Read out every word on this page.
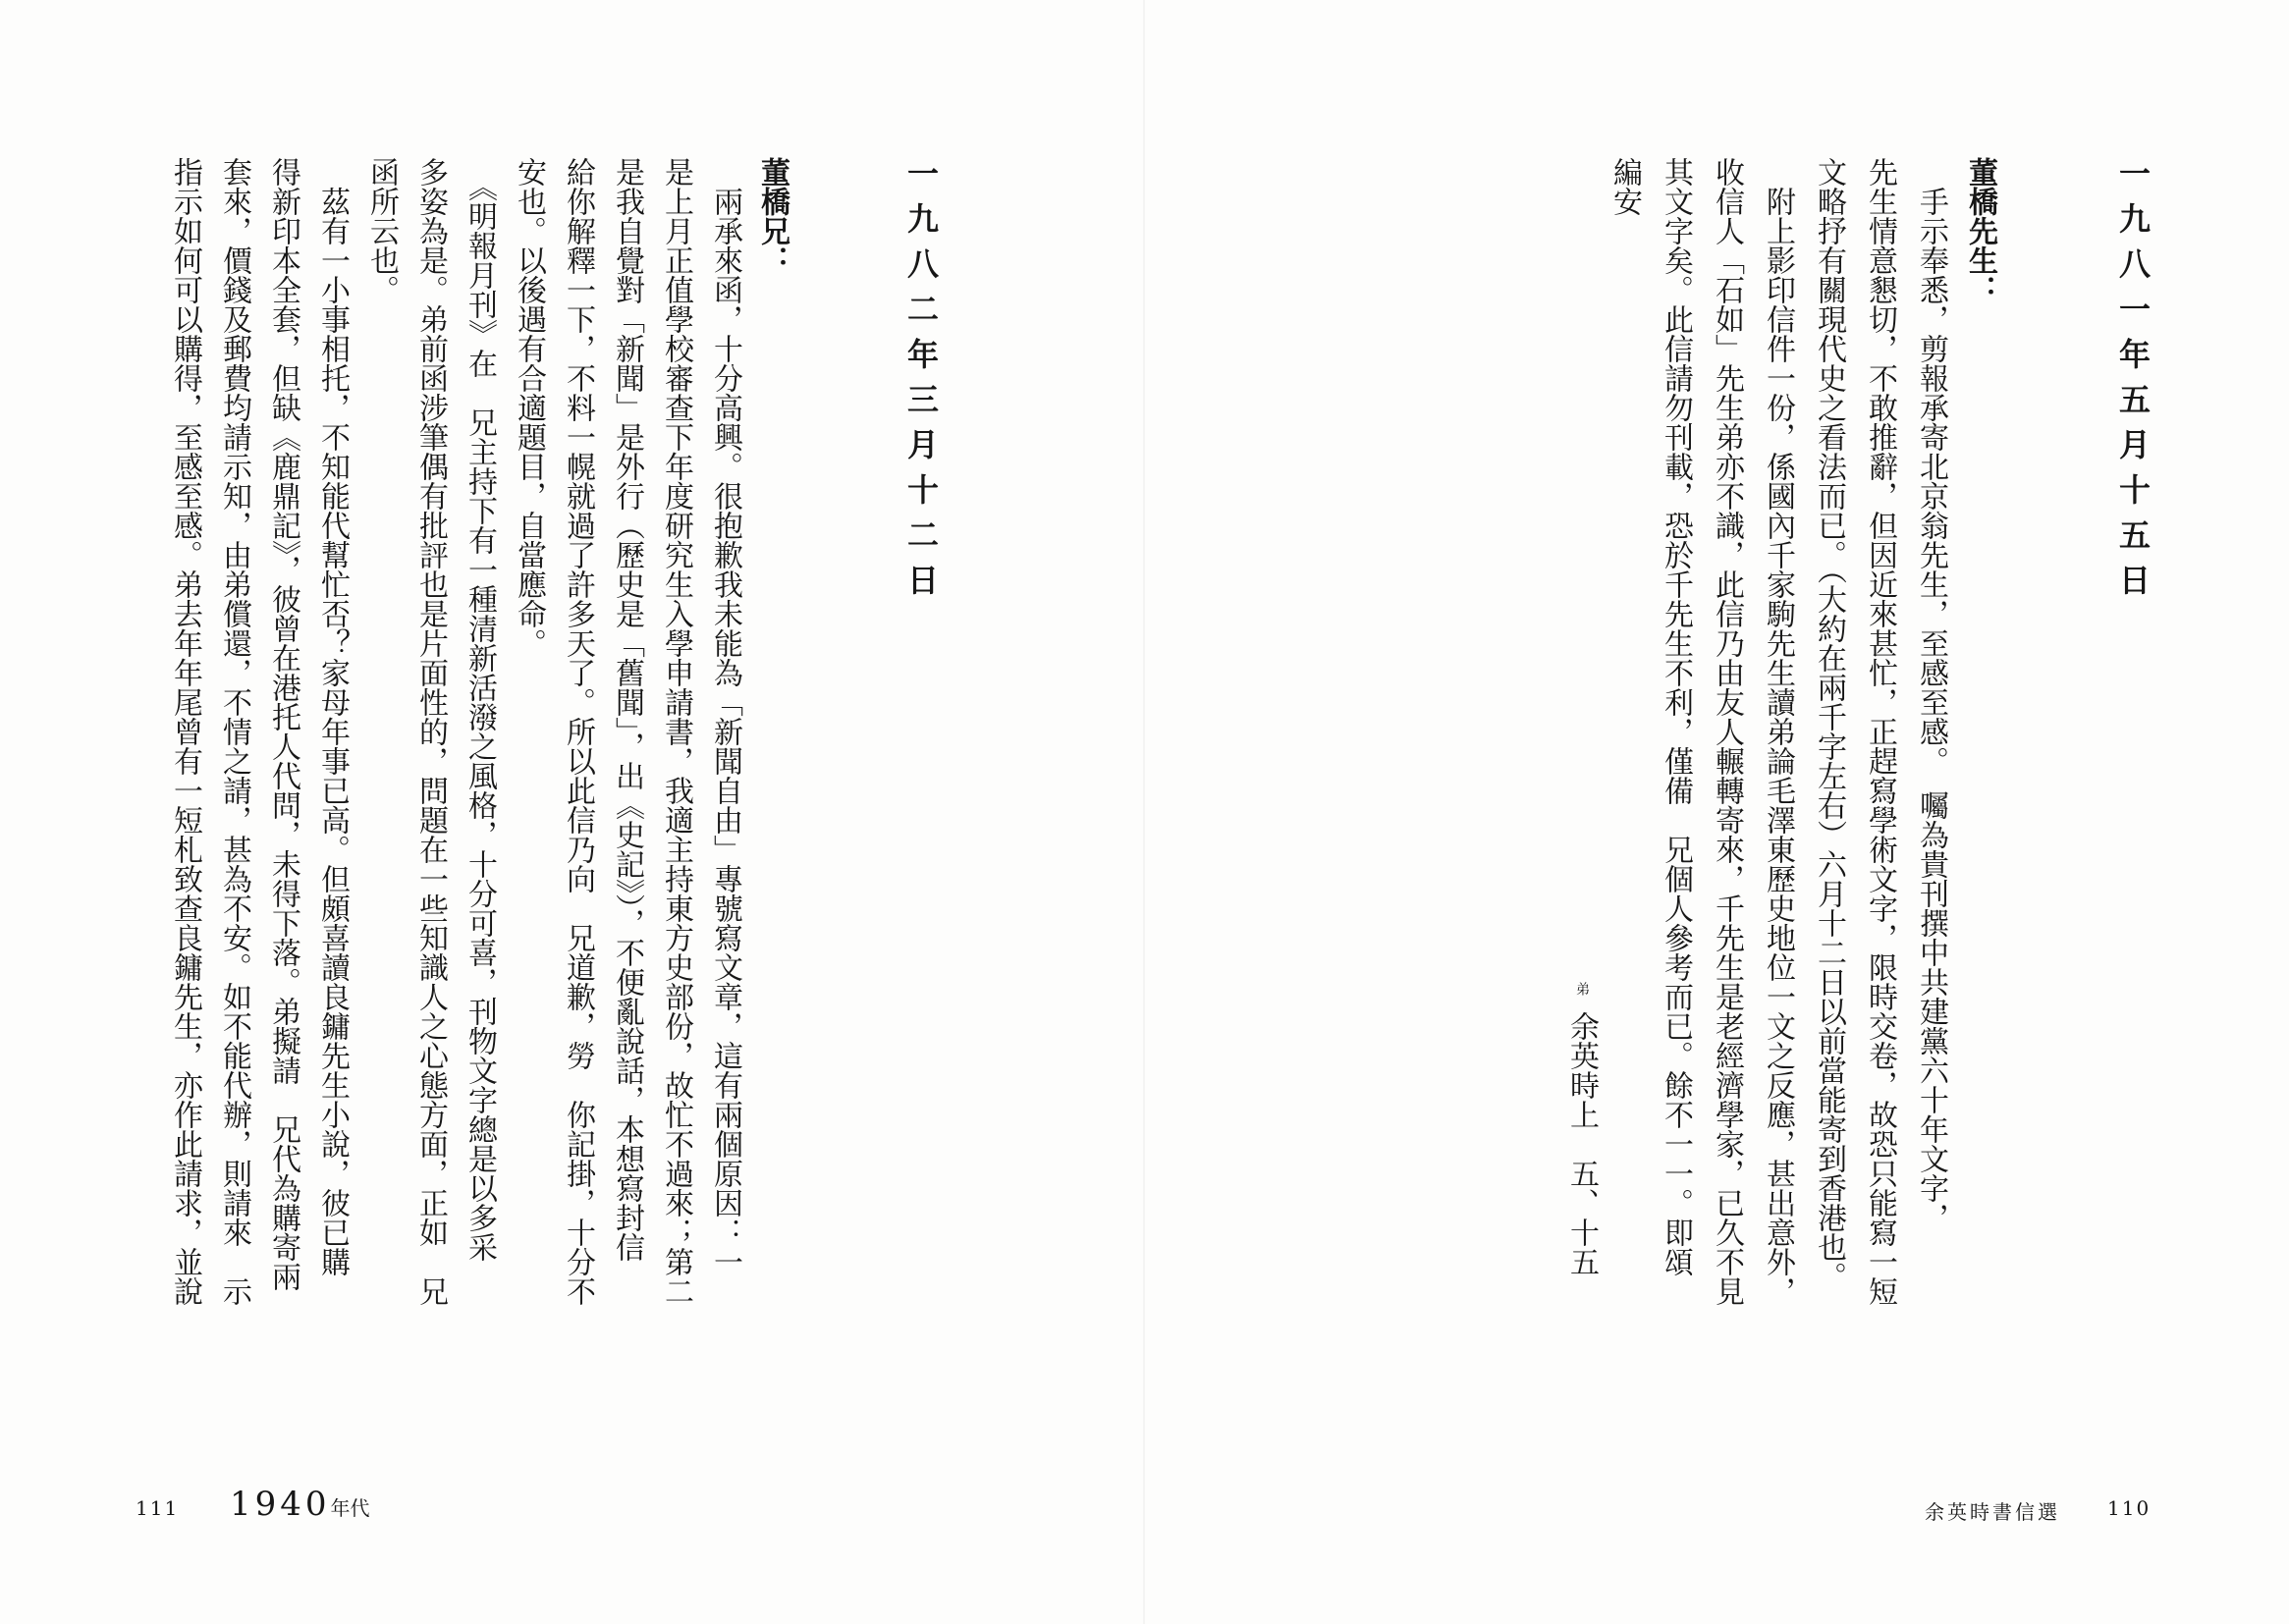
一九八一年五月十五日
董橋先生：
　手示奉悉，剪報承寄北京翁先生，至感至感。　囑為貴刊撰中共建黨六十年文字，
先生情意懇切，不敢推辭，但因近來甚忙，正趕寫學術文字，限時交卷，故恐只能寫一短
文略抒有關現代史之看法而已。（大約在兩千字左右）六月十二日以前當能寄到香港也。
　附上影印信件一份，係國內千家駒先生讀弟論毛澤東歷史地位一文之反應，甚出意外，
收信人「石如」先生弟亦不識，此信乃由友人輾轉寄來，千先生是老經濟學家，已久不見
其文字矣。此信請勿刊載，恐於千先生不利，僅備　兄個人參考而已。餘不一一。即頌
編安
弟
余英時上　五、十五
余英時書信選 110
一九八二年三月十二日
董橋兄：
　兩承來函，十分高興。很抱歉我未能為「新聞自由」專號寫文章，這有兩個原因：一
是上月正值學校審查下年度研究生入學申請書，我適主持東方史部份，故忙不過來；第二
是我自覺對「新聞」是外行（歷史是「舊聞」，出《史記》），不便亂說話，本想寫封信
給你解釋一下，不料一幌就過了許多天了。所以此信乃向　兄道歉，勞　你記掛，十分不
安也。以後遇有合適題目，自當應命。
　《明報月刊》在　兄主持下有一種清新活潑之風格，十分可喜，刊物文字總是以多采
多姿為是。弟前函涉筆偶有批評也是片面性的，問題在一些知識人之心態方面，正如　兄
函所云也。
　茲有一小事相托，不知能代幫忙否？家母年事已高。但頗喜讀良鏞先生小說，彼已購
得新印本全套，但缺《鹿鼎記》，彼曾在港托人代問，未得下落。弟擬請　兄代為購寄兩
套來，價錢及郵費均請示知，由弟償還，不情之請，甚為不安。如不能代辦，則請來　示
指示如何可以購得，至感至感。弟去年年尾曾有一短札致查良鏞先生，亦作此請求，並說
111 1940年代
